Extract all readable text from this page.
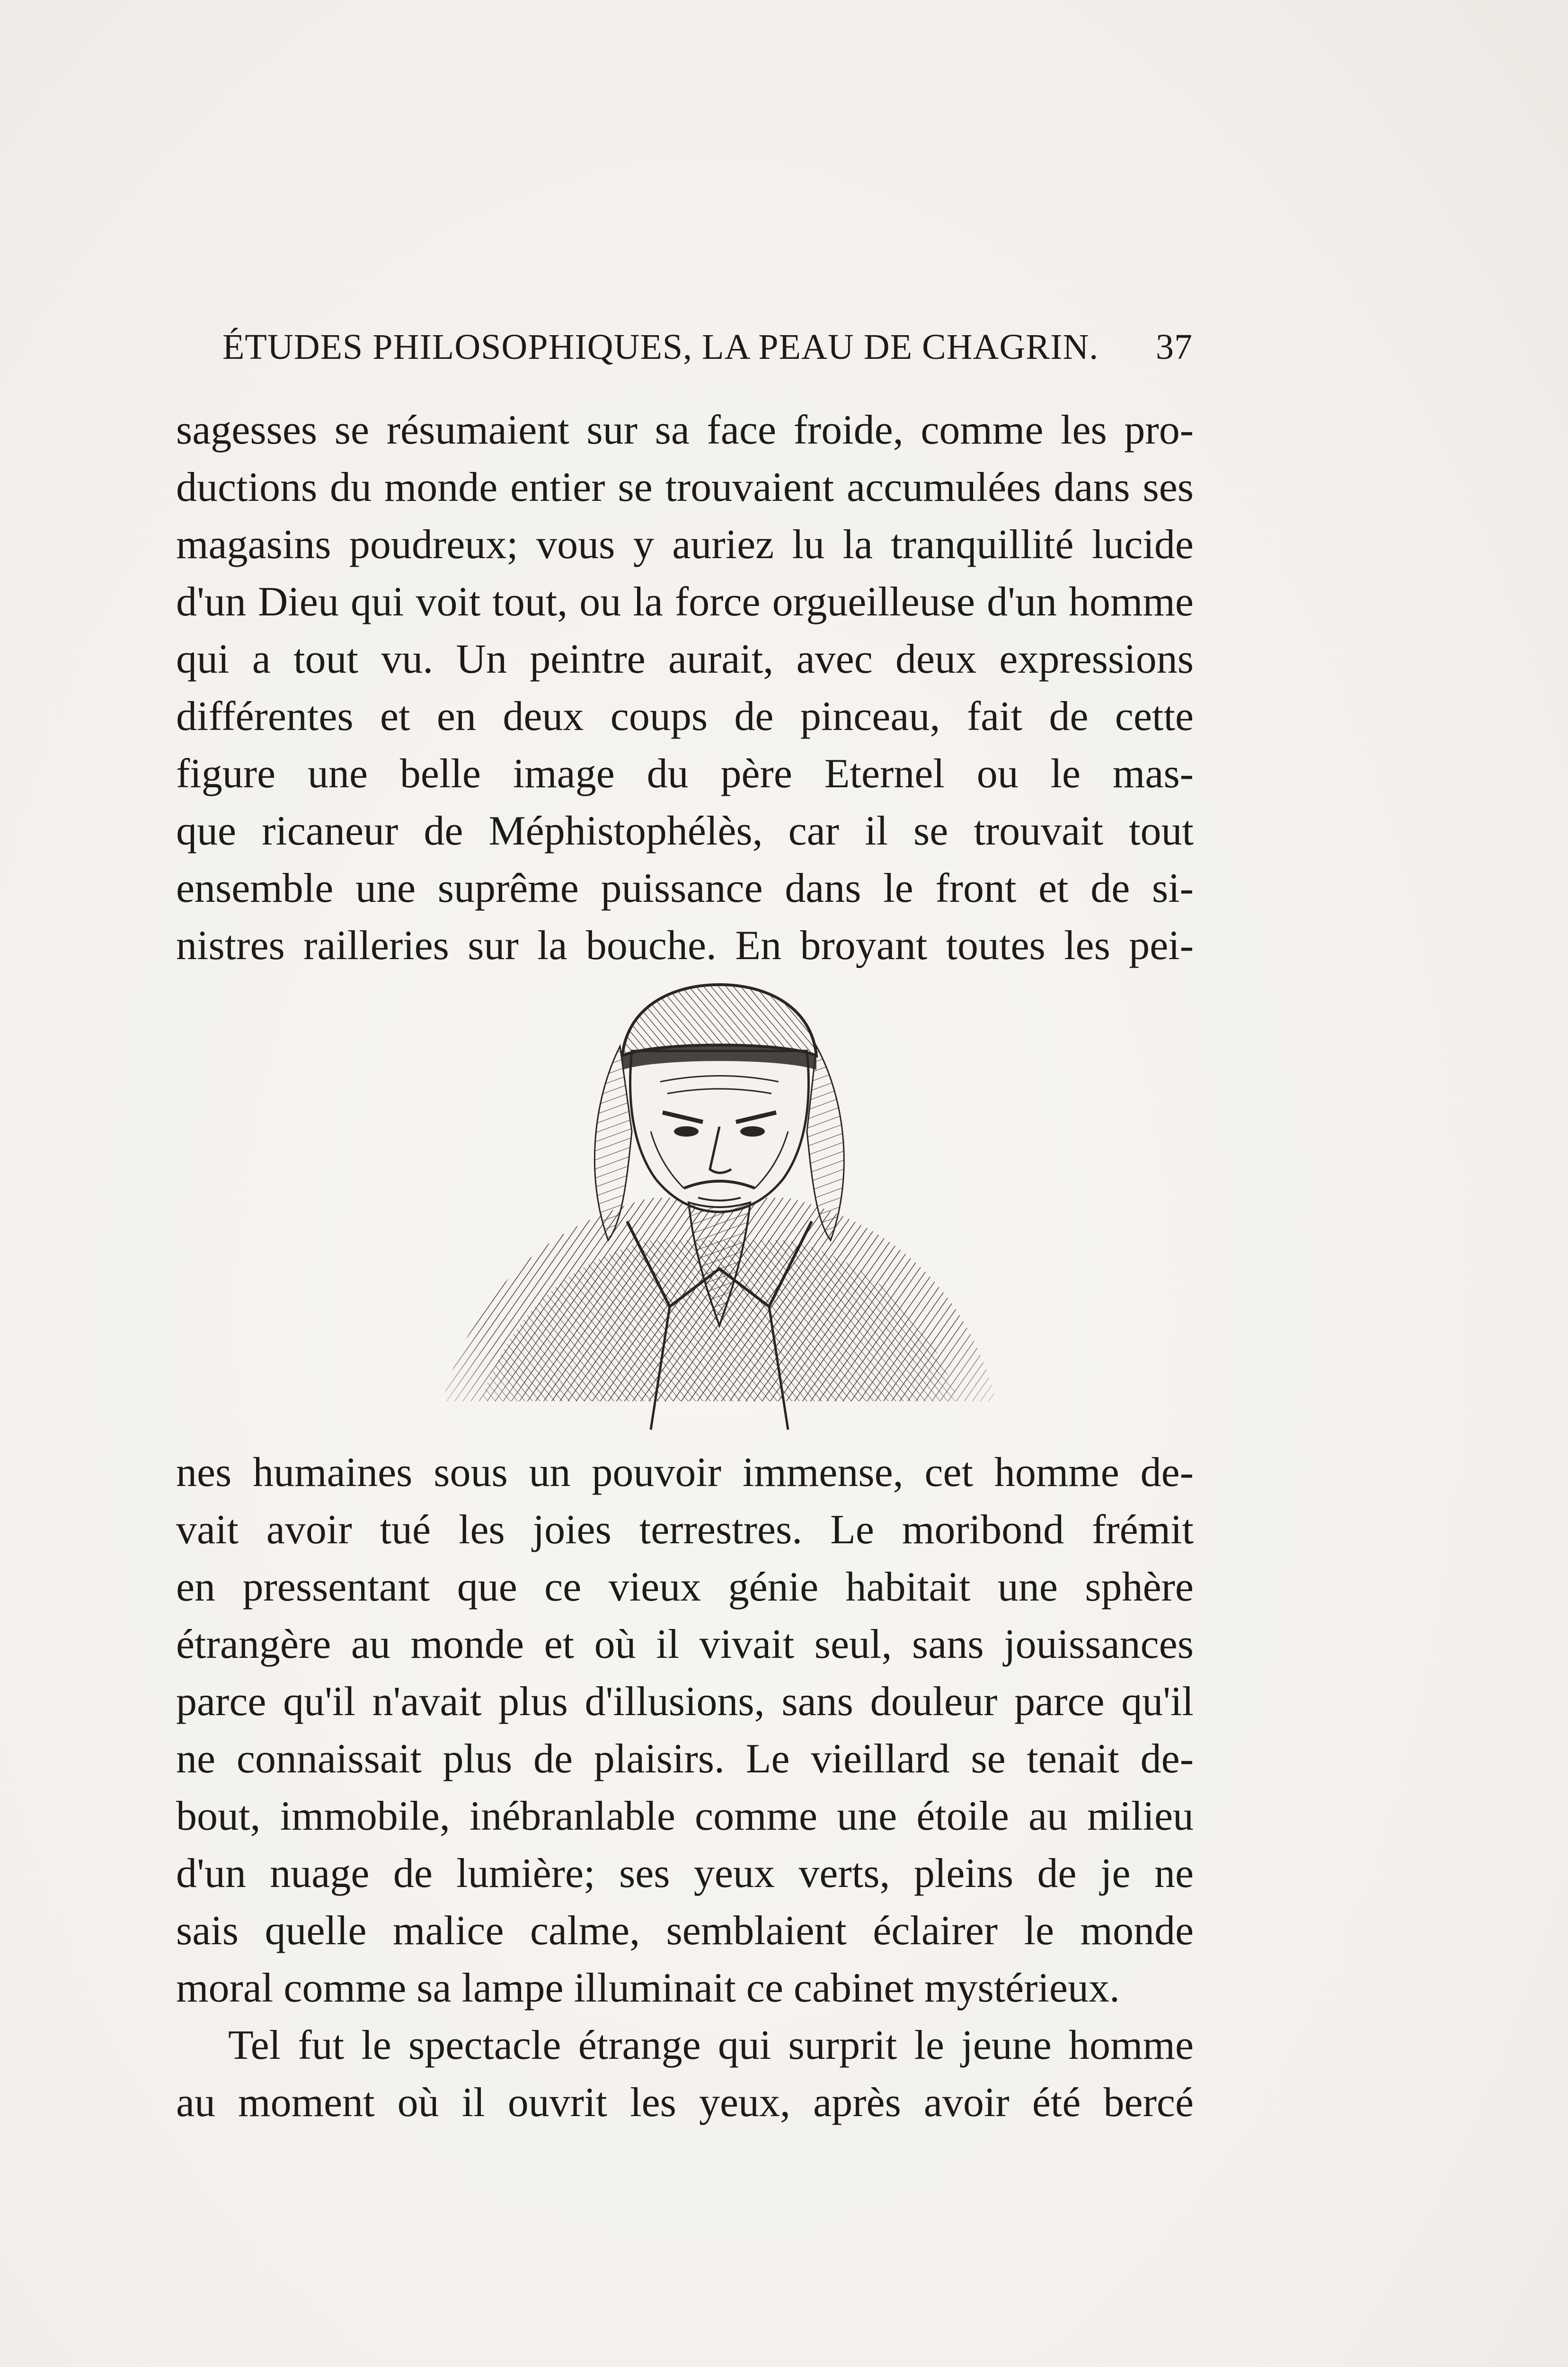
ÉTUDES PHILOSOPHIQUES, LA PEAU DE CHAGRIN. 37
sagesses se résumaient sur sa face froide, comme les pro-
ductions du monde entier se trouvaient accumulées dans ses
magasins poudreux; vous y auriez lu la tranquillité lucide
d'un Dieu qui voit tout, ou la force orgueilleuse d'un homme
qui a tout vu. Un peintre aurait, avec deux expressions
différentes et en deux coups de pinceau, fait de cette
figure une belle image du père Eternel ou le mas-
que ricaneur de Méphistophélès, car il se trouvait tout
ensemble une suprême puissance dans le front et de si-
nistres railleries sur la bouche. En broyant toutes les pei-
nes humaines sous un pouvoir immense, cet homme de-
vait avoir tué les joies terrestres. Le moribond frémit
en pressentant que ce vieux génie habitait une sphère
étrangère au monde et où il vivait seul, sans jouissances
parce qu'il n'avait plus d'illusions, sans douleur parce qu'il
ne connaissait plus de plaisirs. Le vieillard se tenait de-
bout, immobile, inébranlable comme une étoile au milieu
d'un nuage de lumière; ses yeux verts, pleins de je ne
sais quelle malice calme, semblaient éclairer le monde
moral comme sa lampe illuminait ce cabinet mystérieux.
Tel fut le spectacle étrange qui surprit le jeune homme
au moment où il ouvrit les yeux, après avoir été bercé
